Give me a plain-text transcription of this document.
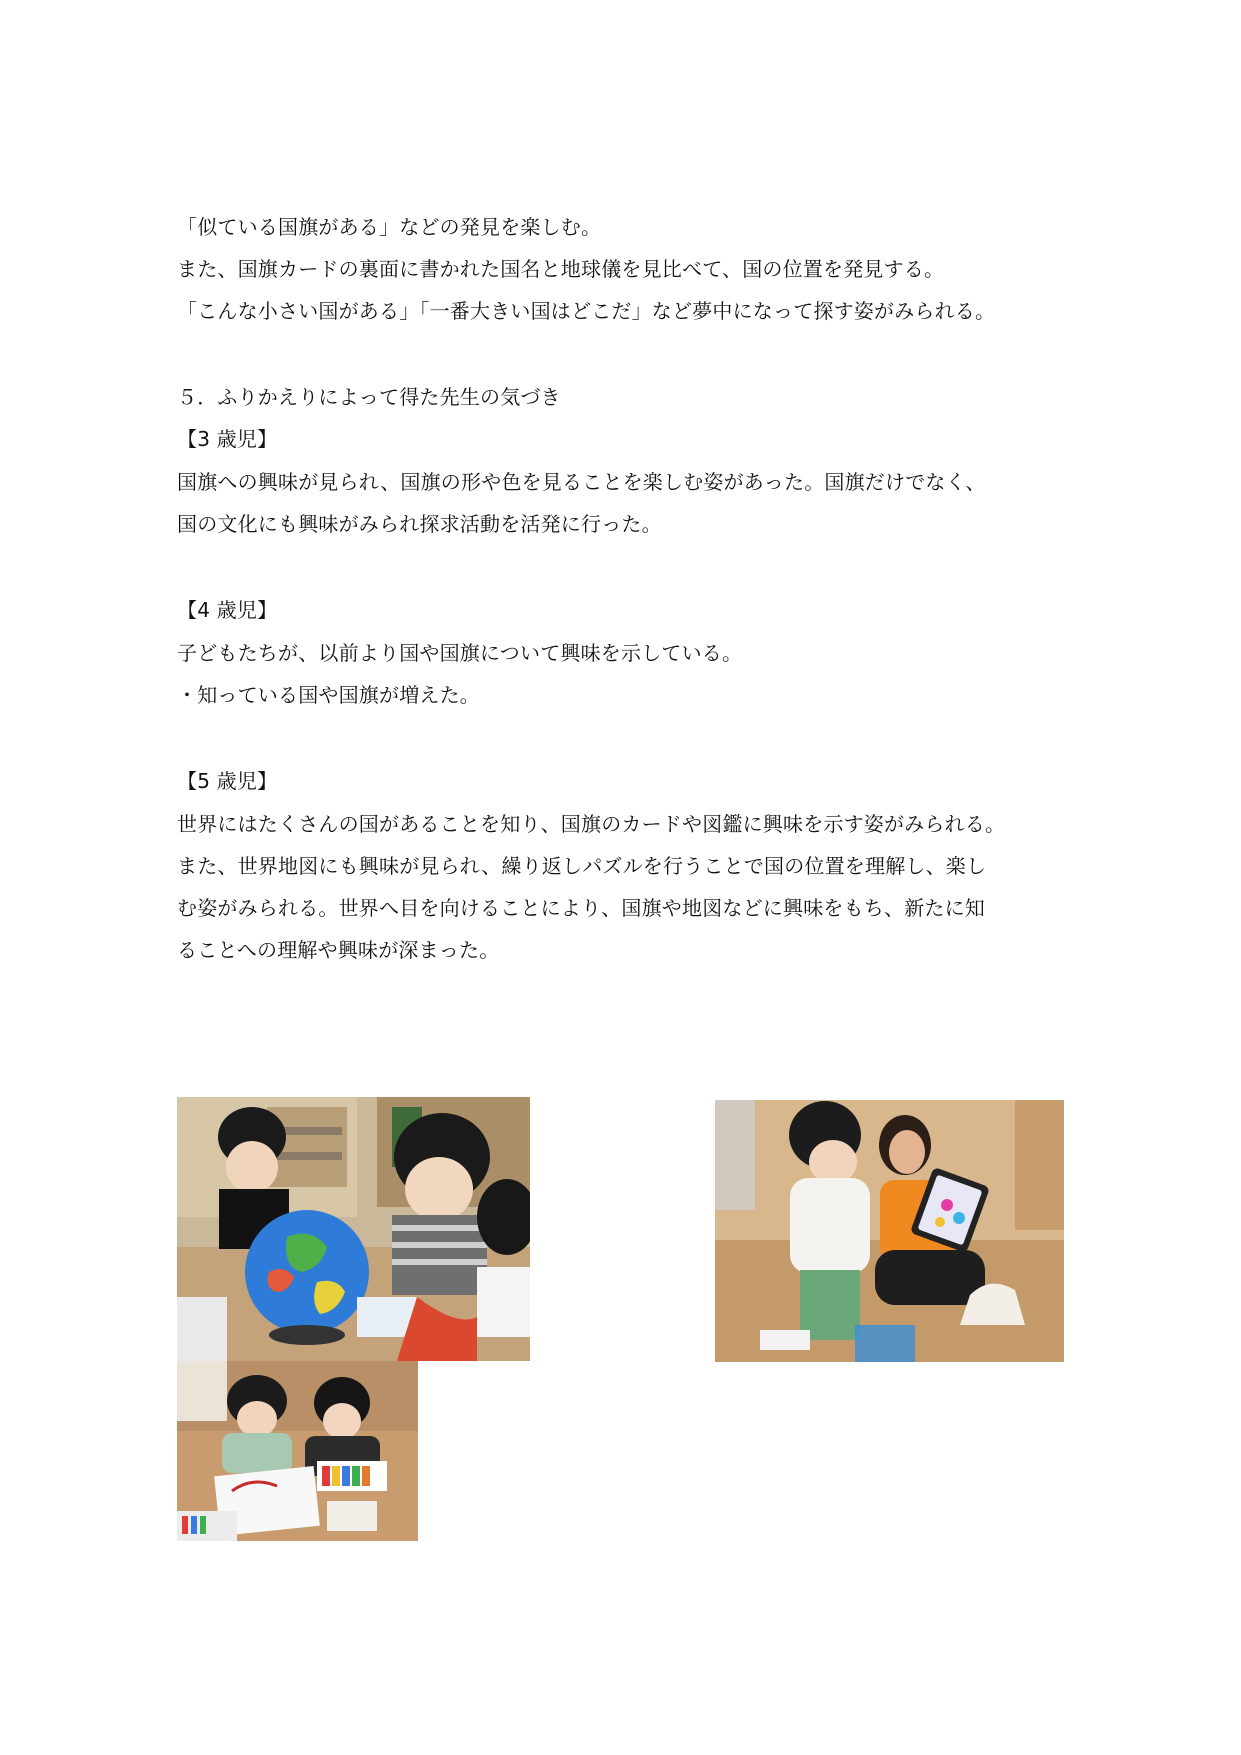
「似ている国旗がある」などの発見を楽しむ。
また、国旗カードの裏面に書かれた国名と地球儀を見比べて、国の位置を発見する。
「こんな小さい国がある」「一番大きい国はどこだ」など夢中になって探す姿がみられる。
５．ふりかえりによって得た先生の気づき
【3 歳児】
国旗への興味が見られ、国旗の形や色を見ることを楽しむ姿があった。国旗だけでなく、
国の文化にも興味がみられ探求活動を活発に行った。
【4 歳児】
子どもたちが、以前より国や国旗について興味を示している。
・知っている国や国旗が増えた。
【5 歳児】
世界にはたくさんの国があることを知り、国旗のカードや図鑑に興味を示す姿がみられる。
また、世界地図にも興味が見られ、繰り返しパズルを行うことで国の位置を理解し、楽し
む姿がみられる。世界へ目を向けることにより、国旗や地図などに興味をもち、新たに知
ることへの理解や興味が深まった。
